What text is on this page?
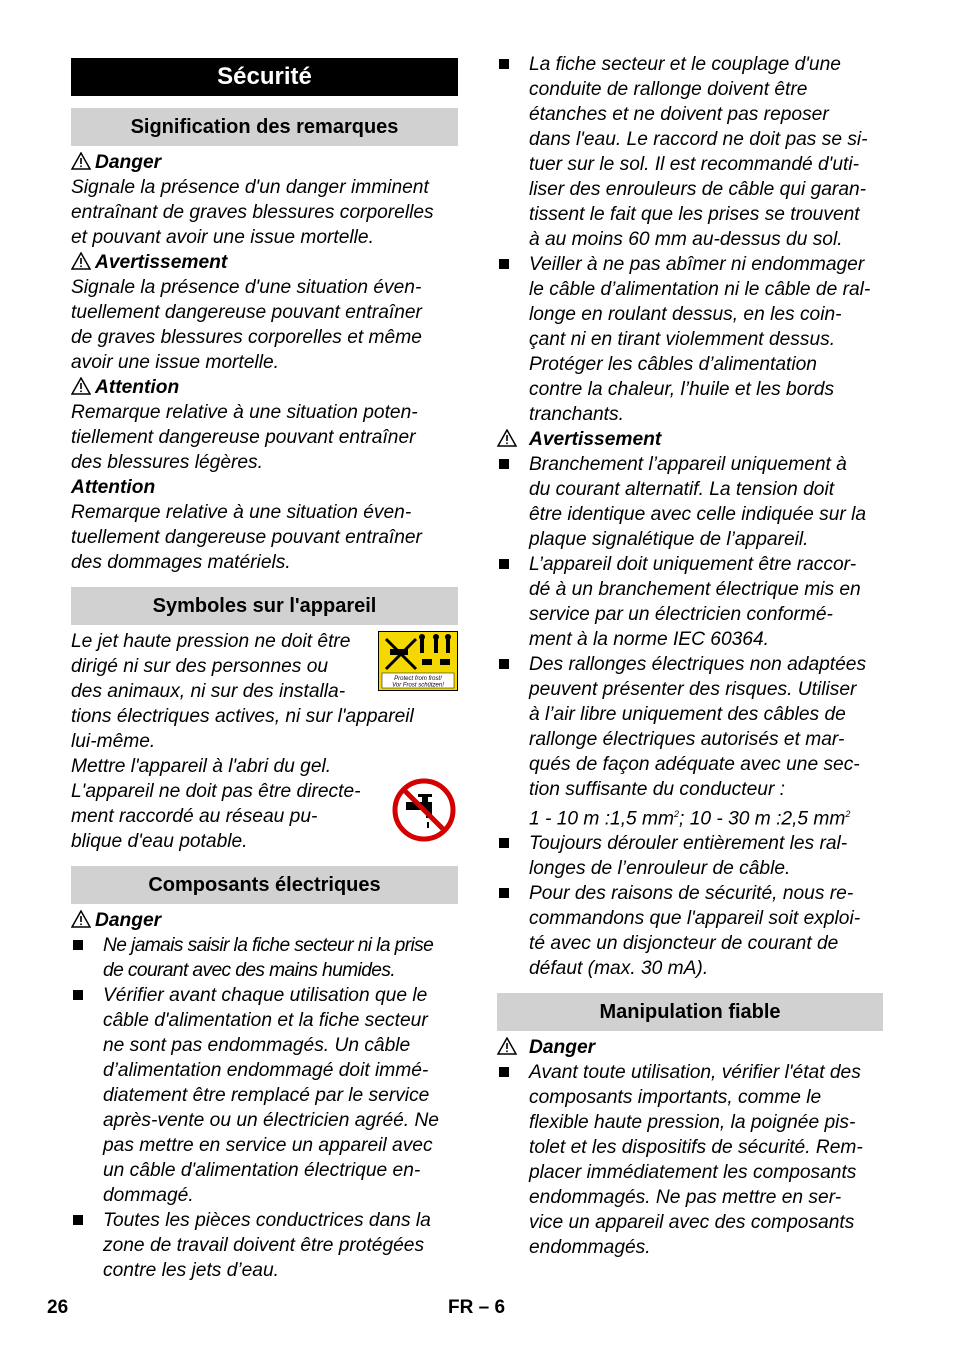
Sécurité
Signification des remarques
Danger
Signale la présence d'un danger imminent
entraînant de graves blessures corporelles
et pouvant avoir une issue mortelle.
Avertissement
Signale la présence d'une situation éven-
tuellement dangereuse pouvant entraîner
de graves blessures corporelles et même
avoir une issue mortelle.
Attention
Remarque relative à une situation poten-
tiellement dangereuse pouvant entraîner
des blessures légères.
Attention
Remarque relative à une situation éven-
tuellement dangereuse pouvant entraîner
des dommages matériels.
Symboles sur l'appareil
Protect from frost!
Vor Frost schützen!
Le jet haute pression ne doit être
dirigé ni sur des personnes ou
des animaux, ni sur des installa-
tions électriques actives, ni sur l'appareil
lui-même.
Mettre l'appareil à l'abri du gel.
L'appareil ne doit pas être directe-
ment raccordé au réseau pu-
blique d'eau potable.
Composants électriques
Danger
Ne jamais saisir la fiche secteur ni la prise
de courant avec des mains humides.
Vérifier avant chaque utilisation que le
câble d'alimentation et la fiche secteur
ne sont pas endommagés. Un câble
d’alimentation endommagé doit immé-
diatement être remplacé par le service
après-vente ou un électricien agréé. Ne
pas mettre en service un appareil avec
un câble d'alimentation électrique en-
dommagé.
Toutes les pièces conductrices dans la
zone de travail doivent être protégées
contre les jets d’eau.
La fiche secteur et le couplage d'une
conduite de rallonge doivent être
étanches et ne doivent pas reposer
dans l'eau. Le raccord ne doit pas se si-
tuer sur le sol. Il est recommandé d'uti-
liser des enrouleurs de câble qui garan-
tissent le fait que les prises se trouvent
à au moins 60 mm au-dessus du sol.
Veiller à ne pas abîmer ni endommager
le câble d’alimentation ni le câble de ral-
longe en roulant dessus, en les coin-
çant ni en tirant violemment dessus.
Protéger les câbles d’alimentation
contre la chaleur, l’huile et les bords
tranchants.
Avertissement
Branchement l’appareil uniquement à
du courant alternatif. La tension doit
être identique avec celle indiquée sur la
plaque signalétique de l’appareil.
L’appareil doit uniquement être raccor-
dé à un branchement électrique mis en
service par un électricien conformé-
ment à la norme IEC 60364.
Des rallonges électriques non adaptées
peuvent présenter des risques. Utiliser
à l’air libre uniquement des câbles de
rallonge électriques autorisés et mar-
qués de façon adéquate avec une sec-
tion suffisante du conducteur :
1 - 10 m :1,5 $mm^2$; 10 - 30 m :2,5 $mm^2$
Toujours dérouler entièrement les ral-
longes de l’enrouleur de câble.
Pour des raisons de sécurité, nous re-
commandons que l'appareil soit exploi-
té avec un disjoncteur de courant de
défaut (max. 30 mA).
Manipulation fiable
Danger
Avant toute utilisation, vérifier l'état des
composants importants, comme le
flexible haute pression, la poignée pis-
tolet et les dispositifs de sécurité. Rem-
placer immédiatement les composants
endommagés. Ne pas mettre en ser-
vice un appareil avec des composants
endommagés.
26	FR – 6
